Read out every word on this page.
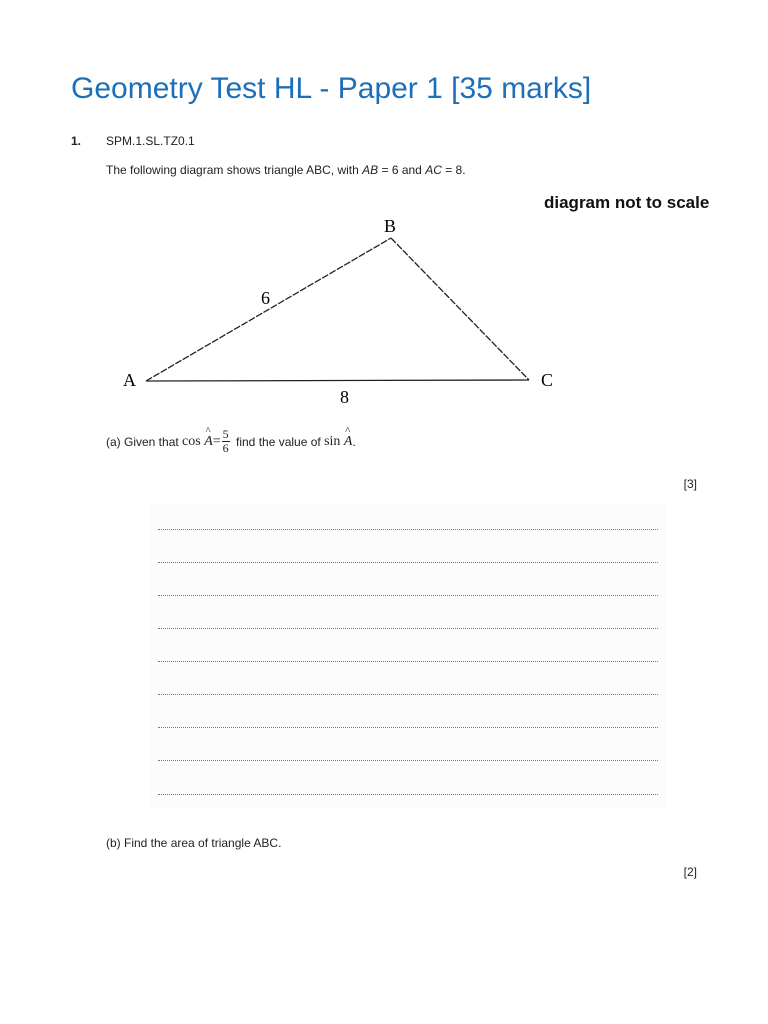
Geometry Test HL - Paper 1 [35 marks]
1. SPM.1.SL.TZ0.1
The following diagram shows triangle ABC, with AB = 6 and AC = 8.
diagram not to scale
B
A	C
6
8
(a) Given that cos
^ $A = \frac{5}{6}$ find the value of sin
^ A .
[3]
(b) Find the area of triangle ABC.
[2]
